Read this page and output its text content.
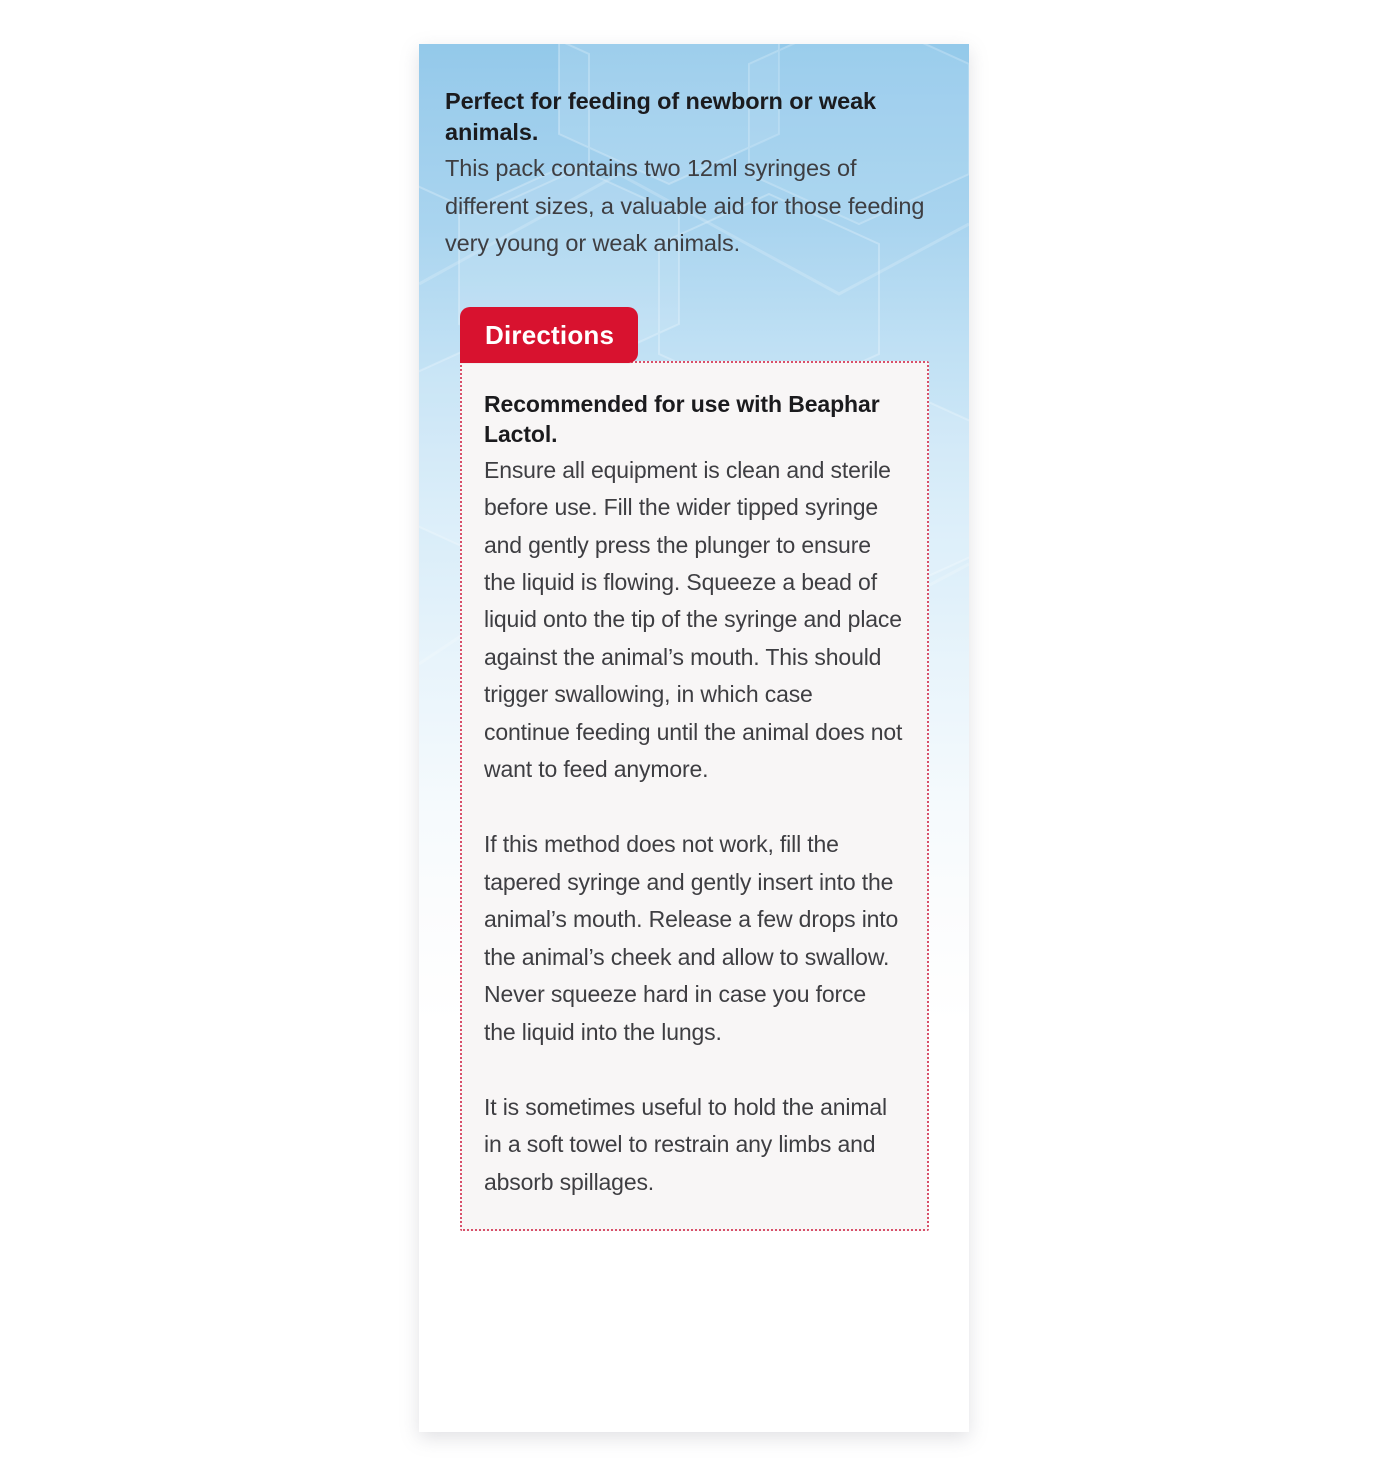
Perfect for feeding of newborn or weak animals.

This pack contains two 12ml syringes of different sizes, a valuable aid for those feeding very young or weak animals.

Directions

Recommended for use with Beaphar Lactol.

Ensure all equipment is clean and sterile before use. Fill the wider tipped syringe and gently press the plunger to ensure the liquid is flowing. Squeeze a bead of liquid onto the tip of the syringe and place against the animal’s mouth. This should trigger swallowing, in which case continue feeding until the animal does not want to feed anymore.

If this method does not work, fill the tapered syringe and gently insert into the animal’s mouth. Release a few drops into the animal’s cheek and allow to swallow. Never squeeze hard in case you force the liquid into the lungs.

It is sometimes useful to hold the animal in a soft towel to restrain any limbs and absorb spillages.
